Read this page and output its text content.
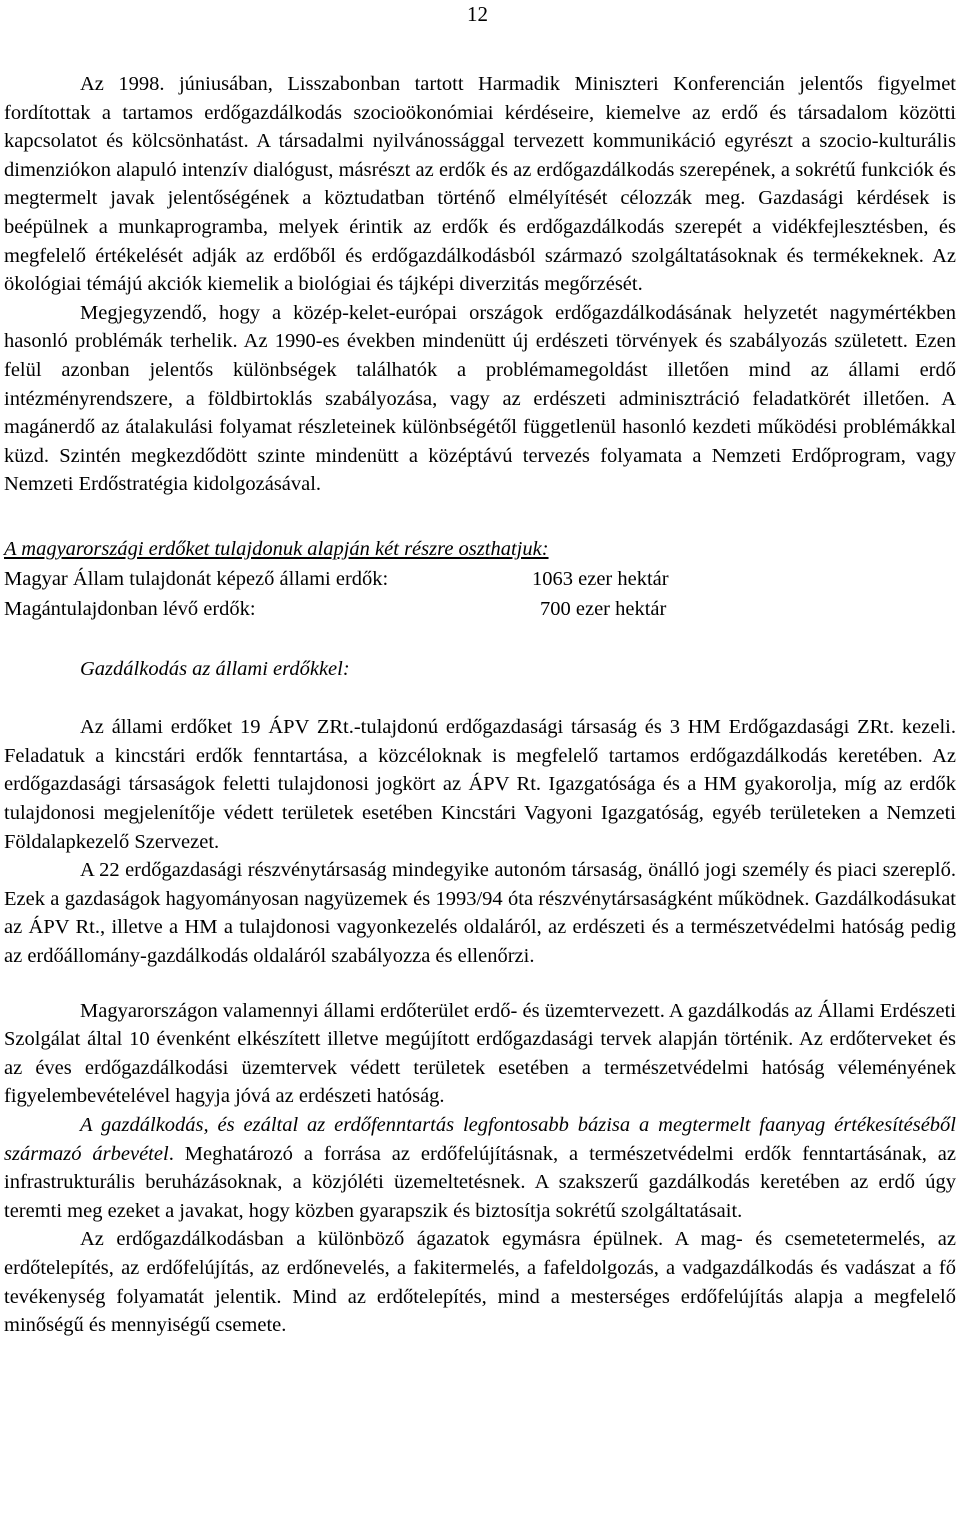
12

Az 1998. júniusában, Lisszabonban tartott Harmadik Miniszteri Konferencián jelentős figyelmet fordítottak a tartamos erdőgazdálkodás szocioökonómiai kérdéseire, kiemelve az erdő és társadalom közötti kapcsolatot és kölcsönhatást. A társadalmi nyilvánossággal tervezett kommunikáció egyrészt a szocio-kulturális dimenziókon alapuló intenzív dialógust, másrészt az erdők és az erdőgazdálkodás szerepének, a sokrétű funkciók és megtermelt javak jelentőségének a köztudatban történő elmélyítését célozzák meg. Gazdasági kérdések is beépülnek a munkaprogramba, melyek érintik az erdők és erdőgazdálkodás szerepét a vidékfejlesztésben, és megfelelő értékelését adják az erdőből és erdőgazdálkodásból származó szolgáltatásoknak és termékeknek. Az ökológiai témájú akciók kiemelik a biológiai és tájképi diverzitás megőrzését.

Megjegyzendő, hogy a közép-kelet-európai országok erdőgazdálkodásának helyzetét nagymértékben hasonló problémák terhelik. Az 1990-es években mindenütt új erdészeti törvények és szabályozás született. Ezen felül azonban jelentős különbségek találhatók a problémamegoldást illetően mind az állami erdő intézményrendszere, a földbirtoklás szabályozása, vagy az erdészeti adminisztráció feladatkörét illetően. A magánerdő az átalakulási folyamat részleteinek különbségétől függetlenül hasonló kezdeti működési problémákkal küzd. Szintén megkezdődött szinte mindenütt a középtávú tervezés folyamata a Nemzeti Erdőprogram, vagy Nemzeti Erdőstratégia kidolgozásával.

A magyarországi erdőket tulajdonuk alapján két részre oszthatjuk:
Magyar Állam tulajdonát képező állami erdők:	1063 ezer hektár
Magántulajdonban lévő erdők:	700 ezer hektár
Gazdálkodás az állami erdőkkel:

Az állami erdőket 19 ÁPV ZRt.-tulajdonú erdőgazdasági társaság és 3 HM Erdőgazdasági ZRt. kezeli. Feladatuk a kincstári erdők fenntartása, a közcéloknak is megfelelő tartamos erdőgazdálkodás keretében. Az erdőgazdasági társaságok feletti tulajdonosi jogkört az ÁPV Rt. Igazgatósága és a HM gyakorolja, míg az erdők tulajdonosi megjelenítője védett területek esetében Kincstári Vagyoni Igazgatóság, egyéb területeken a Nemzeti Földalapkezelő Szervezet.

A 22 erdőgazdasági részvénytársaság mindegyike autonóm társaság, önálló jogi személy és piaci szereplő. Ezek a gazdaságok hagyományosan nagyüzemek és 1993/94 óta részvénytársaságként működnek. Gazdálkodásukat az ÁPV Rt., illetve a HM a tulajdonosi vagyonkezelés oldaláról, az erdészeti és a természetvédelmi hatóság pedig az erdőállomány-gazdálkodás oldaláról szabályozza és ellenőrzi.

Magyarországon valamennyi állami erdőterület erdő- és üzemtervezett. A gazdálkodás az Állami Erdészeti Szolgálat által 10 évenként elkészített illetve megújított erdőgazdasági tervek alapján történik. Az erdőterveket és az éves erdőgazdálkodási üzemtervek védett területek esetében a természetvédelmi hatóság véleményének figyelembevételével hagyja jóvá az erdészeti hatóság.

A gazdálkodás, és ezáltal az erdőfenntartás legfontosabb bázisa a megtermelt faanyag értékesítéséből származó árbevétel. Meghatározó a forrása az erdőfelújításnak, a természetvédelmi erdők fenntartásának, az infrastrukturális beruházásoknak, a közjóléti üzemeltetésnek. A szakszerű gazdálkodás keretében az erdő úgy teremti meg ezeket a javakat, hogy közben gyarapszik és biztosítja sokrétű szolgáltatásait.

Az erdőgazdálkodásban a különböző ágazatok egymásra épülnek. A mag- és csemetetermelés, az erdőtelepítés, az erdőfelújítás, az erdőnevelés, a fakitermelés, a fafeldolgozás, a vadgazdálkodás és vadászat a fő tevékenység folyamatát jelentik. Mind az erdőtelepítés, mind a mesterséges erdőfelújítás alapja a megfelelő minőségű és mennyiségű csemete.
